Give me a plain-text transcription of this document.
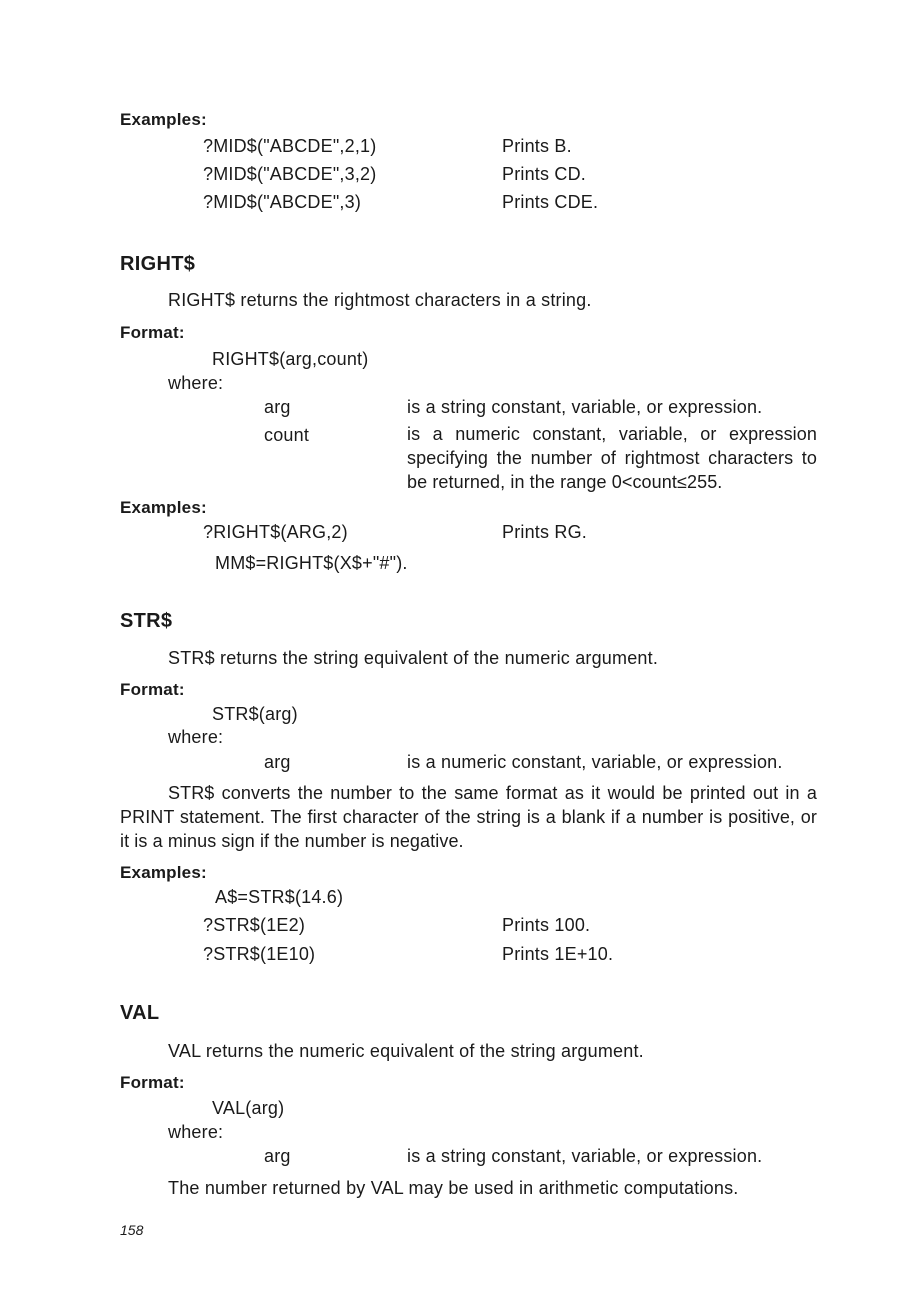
Examples:
?MID$("ABCDE",2,1)	Prints B.
?MID$("ABCDE",3,2)	Prints CD.
?MID$("ABCDE",3)	Prints CDE.
RIGHT$
RIGHT$ returns the rightmost characters in a string.
Format:
RIGHT$(arg,count)
where:
arg	is a string constant, variable, or expression.
count	is a numeric constant, variable, or expression specifying the number of rightmost characters to be returned, in the range 0<count≤255.
Examples:
?RIGHT$(ARG,2)	Prints RG.
MM$=RIGHT$(X$+"#").
STR$
STR$ returns the string equivalent of the numeric argument.
Format:
STR$(arg)
where:
arg	is a numeric constant, variable, or expression.
STR$ converts the number to the same format as it would be printed out in a PRINT statement. The first character of the string is a blank if a number is positive, or it is a minus sign if the number is negative.
Examples:
A$=STR$(14.6)
?STR$(1E2)	Prints 100.
?STR$(1E10)	Prints 1E+10.
VAL
VAL returns the numeric equivalent of the string argument.
Format:
VAL(arg)
where:
arg	is a string constant, variable, or expression.
The number returned by VAL may be used in arithmetic computations.
158
